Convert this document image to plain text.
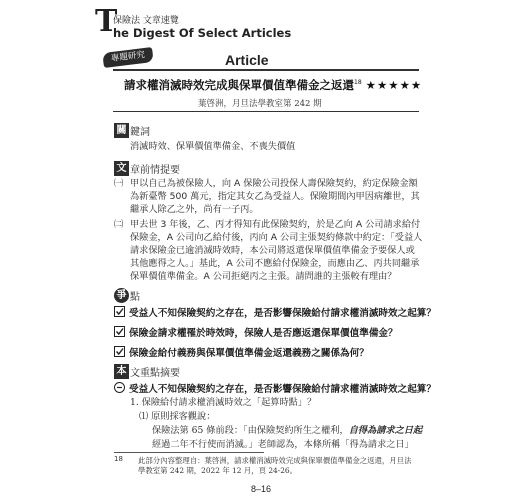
T
保險法 文章速覽
he Digest Of Select Articles
專題研究	Article
請求權消滅時效完成與保單價值準備金之返還$^{18}$ ★★★★★
葉啓洲，月旦法學教室第 242 期
關 鍵詞
消滅時效、保單價值準備金、不喪失價值
文 章前情提要
㈠ 甲以自己為被保險人，向 A 保險公司投保人壽保險契約，約定保險金額
為新臺幣 500 萬元，指定其女乙為受益人。保險期間內甲因病離世，其
繼承人除乙之外，尚有一子丙。
㈡ 甲去世 3 年後，乙、丙才得知有此保險契約，於是乙向 A 公司請求給付
保險金，A 公司向乙給付後，丙向 A 公司主張契約條款中約定：「受益人
請求保險金已逾消滅時效時，本公司將返還保單價值準備金予要保人或
其他應得之人。」基此，A 公司不應給付保險金，而應由乙、丙共同繼承
保單價值準備金。A 公司拒絕丙之主張。請問誰的主張較有理由？
爭 點
受益人不知保險契約之存在，是否影響保險給付請求權消滅時效之起算？
保險金請求權罹於時效時，保險人是否應返還保單價值準備金？
保險金給付義務與保單價值準備金返還義務之關係為何？
本 文重點摘要
受益人不知保險契約之存在，是否影響保險給付請求權消滅時效之起算？
1. 保險給付請求權消滅時效之「起算時點」？
⑴ 原則採客觀說：
保險法第 65 條前段：「由保險契約所生之權利，自得為請求之日起
經過二年不行使而消滅。」老師認為，本條所稱「得為請求之日」
18 此部分內容整理自：葉啓洲，請求權消滅時效完成與保單價值準備金之返還，月旦法
學教室第 242 期，2022 年 12 月，頁 24-26。
8–16
